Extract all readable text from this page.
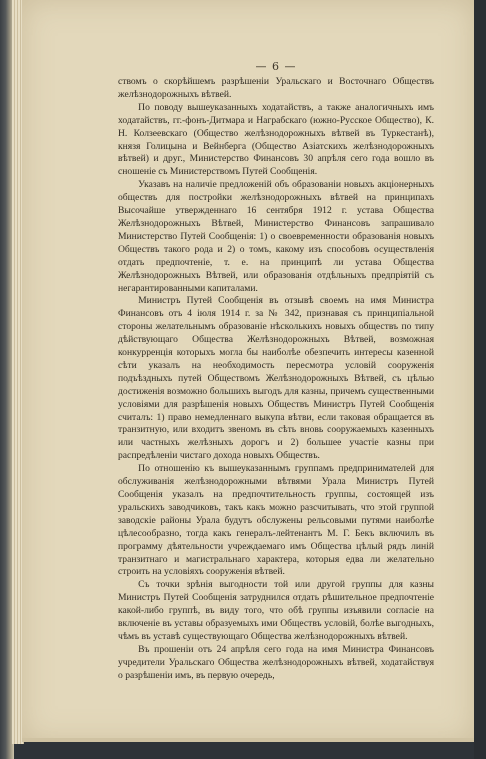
— 6 —

ствомъ о скорѣйшемъ разрѣшеніи Уральскаго и Восточнаго Обществъ желѣзнодорожныхъ вѣтвей.

По поводу вышеуказанныхъ ходатайствъ, а также аналогичныхъ имъ ходатайствъ, гг.-фонъ-Дитмара и Награбскаго (южно-Русское Общество), К. Н. Колзеевскаго (Общество желѣзнодорожныхъ вѣтвей въ Туркестанѣ), князя Голицына и Вейнберга (Общество Азіатскихъ желѣзнодорожныхъ вѣтвей) и друг., Министерство Финансовъ 30 апрѣля сего года вошло въ сношеніе съ Министерствомъ Путей Сообщенія.

Указавъ на наличіе предложеній объ образованіи новыхъ акціонерныхъ обществъ для постройки желѣзнодорожныхъ вѣтвей на принципахъ Высочайше утвержденнаго 16 сентября 1912 г. устава Общества Желѣзнодорожныхъ Вѣтвей, Министерство Финансовъ запрашивало Министерство Путей Сообщенія: 1) о своевременности образованія новыхъ Обществъ такого рода и 2) о томъ, какому изъ способовъ осуществленія отдать предпочтеніе, т. е. на принципѣ ли устава Общества Желѣзнодорожныхъ Вѣтвей, или образованія отдѣльныхъ предпріятій съ негарантированными капиталами.

Министръ Путей Сообщенія въ отзывѣ своемъ на имя Министра Финансовъ отъ 4 іюля 1914 г. за № 342, признавая съ принципіальной стороны желательнымъ образованіе нѣсколькихъ новыхъ обществъ по типу дѣйствующаго Общества Желѣзнодорожныхъ Вѣтвей, возможная конкурренція которыхъ могла бы наиболѣе обезпечить интересы казенной сѣти указалъ на необходимость пересмотра условій сооруженія подъѣздныхъ путей Обществомъ Желѣзнодорожныхъ Вѣтвей, съ цѣлью достиженія возможно большихъ выгодъ для казны, причемъ существенными условіями для разрѣшенія новыхъ Обществъ Министръ Путей Сообщенія считалъ: 1) право немедленнаго выкупа вѣтви, если таковая обращается въ транзитную, или входитъ звеномъ въ сѣть вновь сооружаемыхъ казенныхъ или частныхъ желѣзныхъ дорогъ и 2) большее участіе казны при распредѣленіи чистаго дохода новыхъ Обществъ.

По отношенію къ вышеуказаннымъ группамъ предпринимателей для обслуживанія желѣзнодорожными вѣтвями Урала Министръ Путей Сообщенія указалъ на предпочтительность группы, состоящей изъ уральскихъ заводчиковъ, такъ какъ можно разсчитывать, что этой группой заводскіе районы Урала будутъ обслужены рельсовыми путями наиболѣе цѣлесообразно, тогда какъ генералъ-лейтенантъ М. Г. Бекъ включилъ въ программу дѣятельности учреждаемаго имъ Общества цѣлый рядъ линій транзитнаго и магистральнаго характера, которыя едва ли желательно строить на условіяхъ сооруженія вѣтвей.

Съ точки зрѣнія выгодности той или другой группы для казны Министръ Путей Сообщенія затруднился отдать рѣшительное предпочтеніе какой-либо группѣ, въ виду того, что обѣ группы изъявили согласіе на включеніе въ уставы образуемыхъ ими Обществъ условій, болѣе выгодныхъ, чѣмъ въ уставѣ существующаго Общества желѣзнодорожныхъ вѣтвей.

Въ прошеніи отъ 24 апрѣля сего года на имя Министра Финансовъ учредители Уральскаго Общества желѣзнодорожныхъ вѣтвей, ходатайствуя о разрѣшеніи имъ, въ первую очередь,
